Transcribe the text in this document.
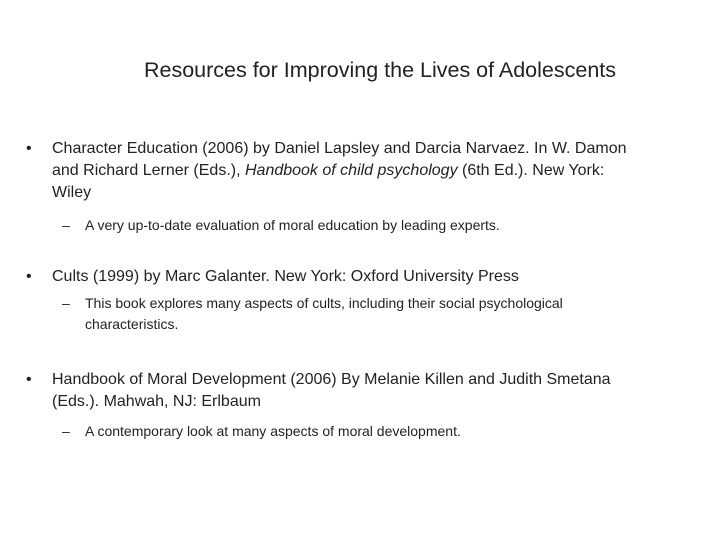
Resources for Improving the Lives of Adolescents
•	Character Education (2006) by Daniel Lapsley and Darcia Narvaez. In W. Damon
and Richard Lerner (Eds.), Handbook of child psychology (6th Ed.). New York:
Wiley
– A very up-to-date evaluation of moral education by leading experts.
•	Cults (1999) by Marc Galanter. New York: Oxford University Press
– This book explores many aspects of cults, including their social psychological
characteristics.
•	Handbook of Moral Development (2006) By Melanie Killen and Judith Smetana
(Eds.). Mahwah, NJ: Erlbaum
– A contemporary look at many aspects of moral development.
